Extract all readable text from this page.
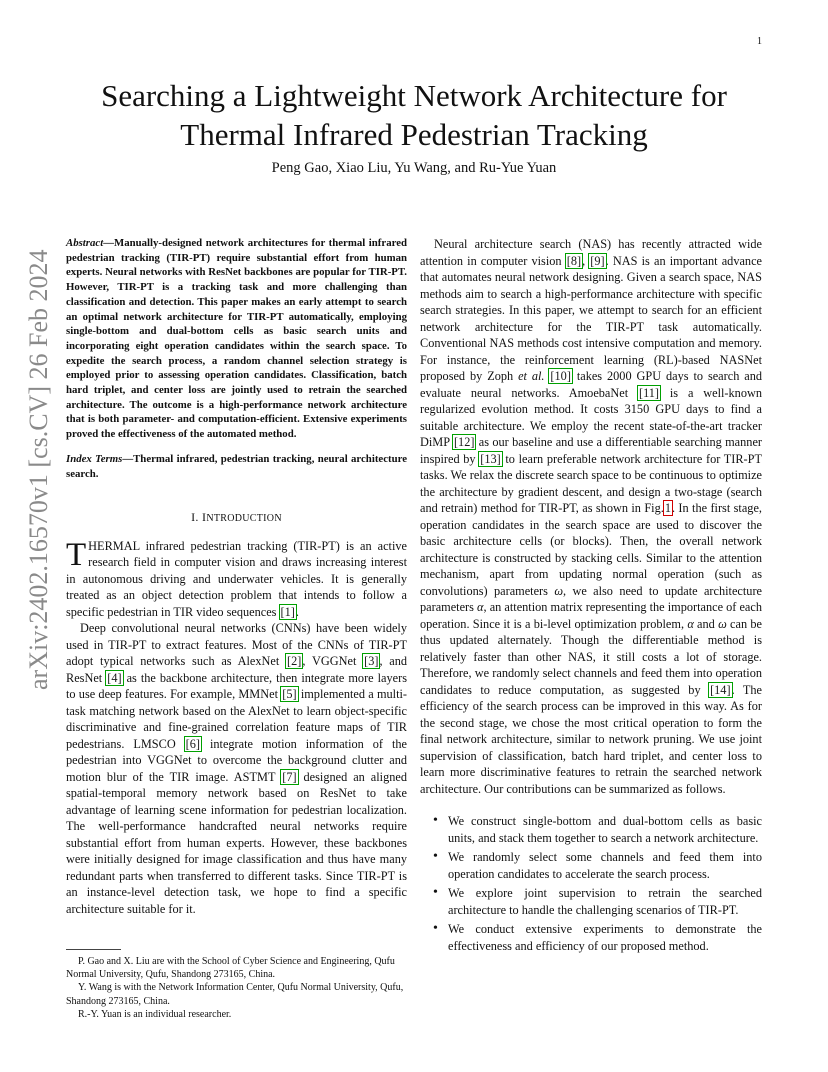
1
arXiv:2402.16570v1 [cs.CV] 26 Feb 2024
Searching a Lightweight Network Architecture for
Thermal Infrared Pedestrian Tracking
Peng Gao, Xiao Liu, Yu Wang, and Ru-Yue Yuan

Abstract—Manually-designed network architectures for thermal infrared pedestrian tracking (TIR-PT) require substantial effort from human experts. Neural networks with ResNet backbones are popular for TIR-PT. However, TIR-PT is a tracking task and more challenging than classification and detection. This paper makes an early attempt to search an optimal network architecture for TIR-PT automatically, employing single-bottom and dual-bottom cells as basic search units and incorporating eight operation candidates within the search space. To expedite the search process, a random channel selection strategy is employed prior to assessing operation candidates. Classification, batch hard triplet, and center loss are jointly used to retrain the searched architecture. The outcome is a high-performance network architecture that is both parameter- and computation-efficient. Extensive experiments proved the effectiveness of the automated method.

Index Terms—Thermal infrared, pedestrian tracking, neural architecture search.

I. INTRODUCTION

THERMAL infrared pedestrian tracking (TIR-PT) is an active research field in computer vision and draws increasing interest in autonomous driving and underwater vehicles. It is generally treated as an object detection problem that intends to follow a specific pedestrian in TIR video sequences [1].

Deep convolutional neural networks (CNNs) have been widely used in TIR-PT to extract features. Most of the CNNs of TIR-PT adopt typical networks such as AlexNet [2], VGGNet [3], and ResNet [4] as the backbone architecture, then integrate more layers to use deep features. For example, MMNet [5] implemented a multi-task matching network based on the AlexNet to learn object-specific discriminative and fine-grained correlation feature maps of TIR pedestrians. LMSCO [6] integrate motion information of the pedestrian into VGGNet to overcome the background clutter and motion blur of the TIR image. ASTMT [7] designed an aligned spatial-temporal memory network based on ResNet to take advantage of learning scene information for pedestrian localization. The well-performance handcrafted neural networks require substantial effort from human experts. However, these backbones were initially designed for image classification and thus have many redundant parts when transferred to different tasks. Since TIR-PT is an instance-level detection task, we hope to find a specific architecture suitable for it.

P. Gao and X. Liu are with the School of Cyber Science and Engineering, Qufu Normal University, Qufu, Shandong 273165, China.

Y. Wang is with the Network Information Center, Qufu Normal University, Qufu, Shandong 273165, China.

R.-Y. Yuan is an individual researcher.

Neural architecture search (NAS) has recently attracted wide attention in computer vision [8], [9]. NAS is an important advance that automates neural network designing. Given a search space, NAS methods aim to search a high-performance architecture with specific search strategies. In this paper, we attempt to search for an efficient network architecture for the TIR-PT task automatically. Conventional NAS methods cost intensive computation and memory. For instance, the reinforcement learning (RL)-based NASNet proposed by Zoph et al. [10] takes 2000 GPU days to search and evaluate neural networks. AmoebaNet [11] is a well-known regularized evolution method. It costs 3150 GPU days to find a suitable architecture. We employ the recent state-of-the-art tracker DiMP [12] as our baseline and use a differentiable searching manner inspired by [13] to learn preferable network architecture for TIR-PT tasks. We relax the discrete search space to be continuous to optimize the architecture by gradient descent, and design a two-stage (search and retrain) method for TIR-PT, as shown in Fig.1. In the first stage, operation candidates in the search space are used to discover the basic architecture cells (or blocks). Then, the overall network architecture is constructed by stacking cells. Similar to the attention mechanism, apart from updating normal operation (such as convolutions) parameters ω, we also need to update architecture parameters α, an attention matrix representing the importance of each operation. Since it is a bi-level optimization problem, α and ω can be thus updated alternately. Though the differentiable method is relatively faster than other NAS, it still costs a lot of storage. Therefore, we randomly select channels and feed them into operation candidates to reduce computation, as suggested by [14]. The efficiency of the search process can be improved in this way. As for the second stage, we chose the most critical operation to form the final network architecture, similar to network pruning. We use joint supervision of classification, batch hard triplet, and center loss to learn more discriminative features to retrain the searched network architecture. Our contributions can be summarized as follows.

• We construct single-bottom and dual-bottom cells as basic units, and stack them together to search a network architecture.
• We randomly select some channels and feed them into operation candidates to accelerate the search process.
• We explore joint supervision to retrain the searched architecture to handle the challenging scenarios of TIR-PT.
• We conduct extensive experiments to demonstrate the effectiveness and efficiency of our proposed method.
